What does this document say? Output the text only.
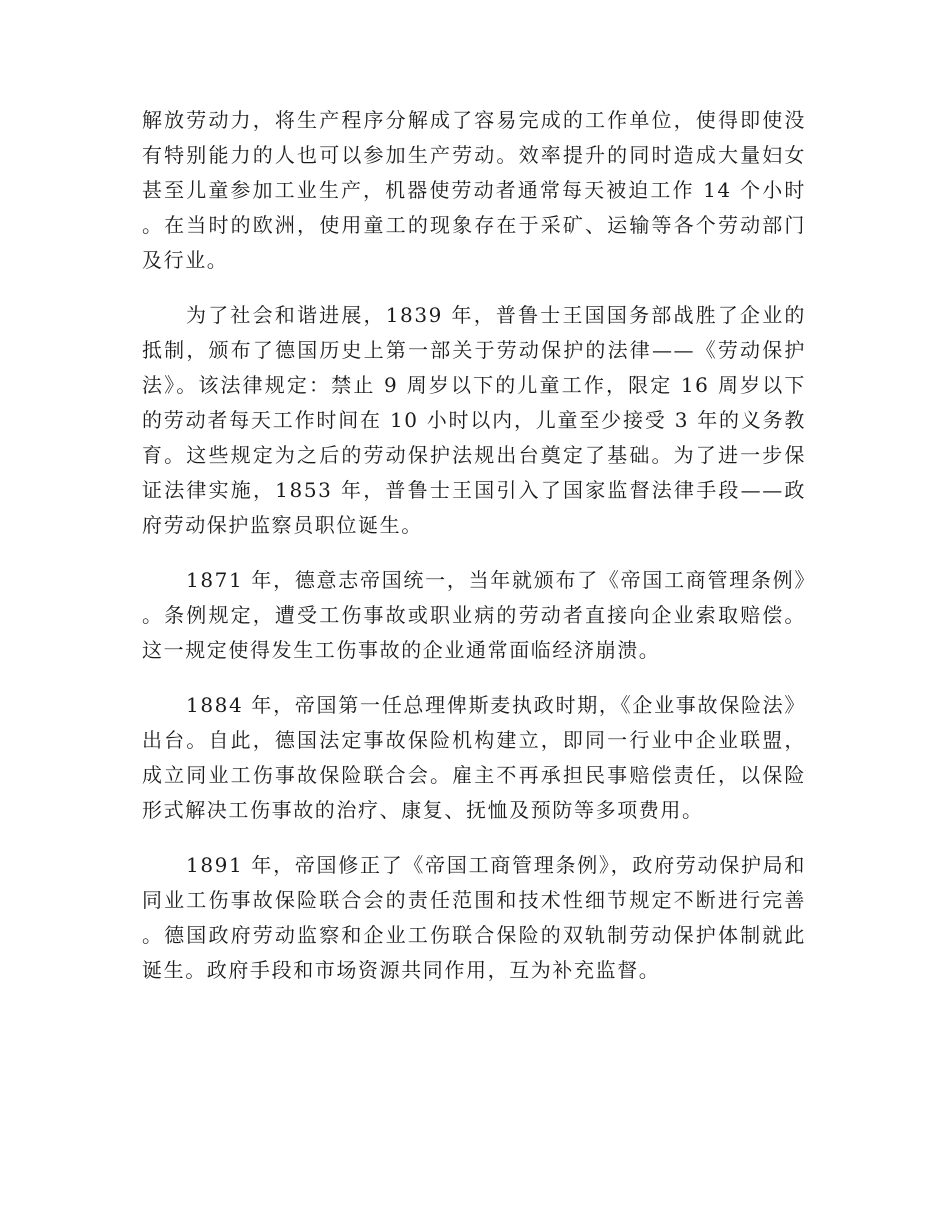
解放劳动力，将生产程序分解成了容易完成的工作单位，使得即使没有特别能力的人也可以参加生产劳动。效率提升的同时造成大量妇女甚至儿童参加工业生产，机器使劳动者通常每天被迫工作 14 个小时。在当时的欧洲，使用童工的现象存在于采矿、运输等各个劳动部门及行业。

为了社会和谐进展，1839 年，普鲁士王国国务部战胜了企业的抵制，颁布了德国历史上第一部关于劳动保护的法律——《劳动保护法》。该法律规定：禁止 9 周岁以下的儿童工作，限定 16 周岁以下的劳动者每天工作时间在 10 小时以内，儿童至少接受 3 年的义务教育。这些规定为之后的劳动保护法规出台奠定了基础。为了进一步保证法律实施，1853 年，普鲁士王国引入了国家监督法律手段——政府劳动保护监察员职位诞生。

1871 年，德意志帝国统一，当年就颁布了《帝国工商管理条例》。条例规定，遭受工伤事故或职业病的劳动者直接向企业索取赔偿。这一规定使得发生工伤事故的企业通常面临经济崩溃。

1884 年，帝国第一任总理俾斯麦执政时期，《企业事故保险法》出台。自此，德国法定事故保险机构建立，即同一行业中企业联盟，成立同业工伤事故保险联合会。雇主不再承担民事赔偿责任，以保险形式解决工伤事故的治疗、康复、抚恤及预防等多项费用。

1891 年，帝国修正了《帝国工商管理条例》，政府劳动保护局和同业工伤事故保险联合会的责任范围和技术性细节规定不断进行完善。德国政府劳动监察和企业工伤联合保险的双轨制劳动保护体制就此诞生。政府手段和市场资源共同作用，互为补充监督。
